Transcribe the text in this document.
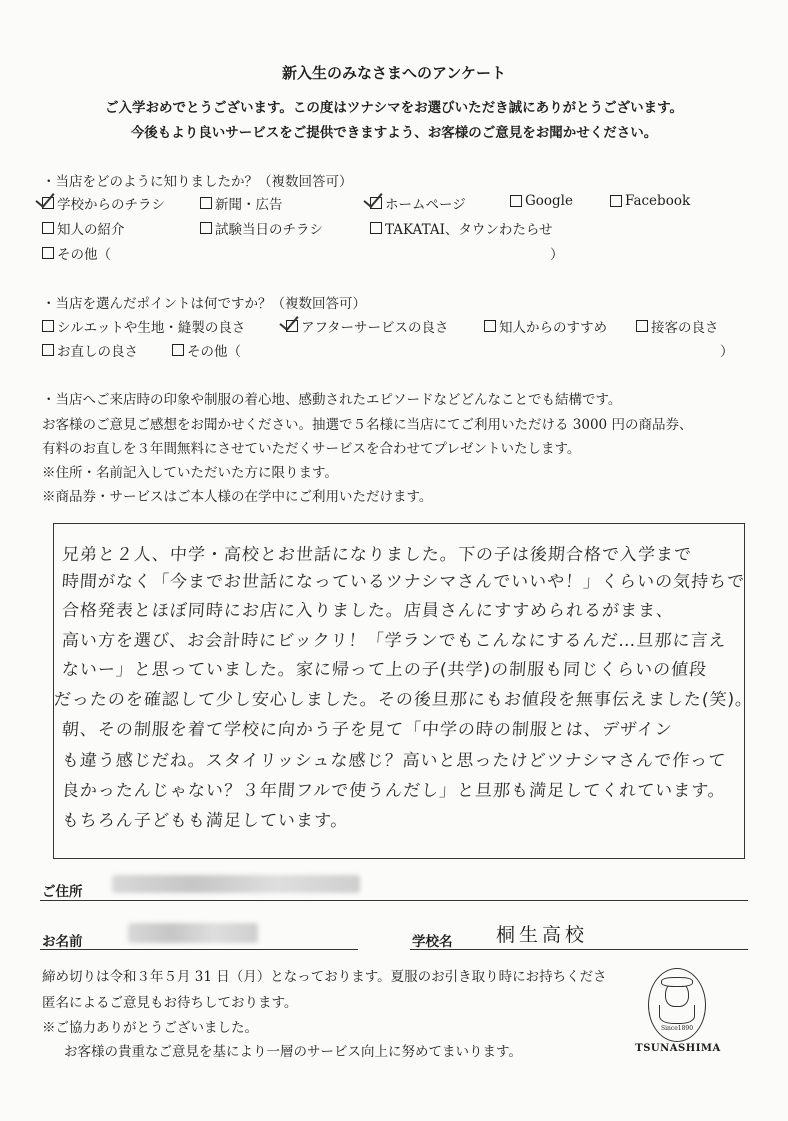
新入生のみなさまへのアンケート
ご入学おめでとうございます。この度はツナシマをお選びいただき誠にありがとうございます。
今後もより良いサービスをご提供できますよう、お客様のご意見をお聞かせください。
・当店をどのように知りましたか？（複数回答可）
学校からのチラシ	新聞・広告	ホームページ	Google	Facebook
知人の紹介	試験当日のチラシ	TAKATAI、タウンわたらせ
その他（	）
・当店を選んだポイントは何ですか？（複数回答可）
シルエットや生地・縫製の良さ	アフターサービスの良さ	知人からのすすめ	接客の良さ
お直しの良さ	その他（	）
・当店へご来店時の印象や制服の着心地、感動されたエピソードなどどんなことでも結構です。
お客様のご意見ご感想をお聞かせください。抽選で５名様に当店にてご利用いただける 3000 円の商品券、
有料のお直しを３年間無料にさせていただくサービスを合わせてプレゼントいたします。
※住所・名前記入していただいた方に限ります。
※商品券・サービスはご本人様の在学中にご利用いただけます。
兄弟と２人、中学・高校とお世話になりました。下の子は後期合格で入学まで
時間がなく「今までお世話になっているツナシマさんでいいや！」くらいの気持ちで
合格発表とほぼ同時にお店に入りました。店員さんにすすめられるがまま、
高い方を選び、お会計時にビックリ！「学ランでもこんなにするんだ…旦那に言え
ないー」と思っていました。家に帰って上の子(共学)の制服も同じくらいの値段
だったのを確認して少し安心しました。その後旦那にもお値段を無事伝えました(笑)。
朝、その制服を着て学校に向かう子を見て「中学の時の制服とは、デザイン
も違う感じだね。スタイリッシュな感じ？高いと思ったけどツナシマさんで作って
良かったんじゃない？３年間フルで使うんだし」と旦那も満足してくれています。
もちろん子どもも満足しています。
ご住所
お名前	学校名 桐生高校
締め切りは令和３年５月 31 日（月）となっております。夏服のお引き取り時にお持ちくださ
匿名によるご意見もお待ちしております。
※ご協力ありがとうございました。
お客様の貴重なご意見を基により一層のサービス向上に努めてまいります。
Since1890
TSUNASHIMA
